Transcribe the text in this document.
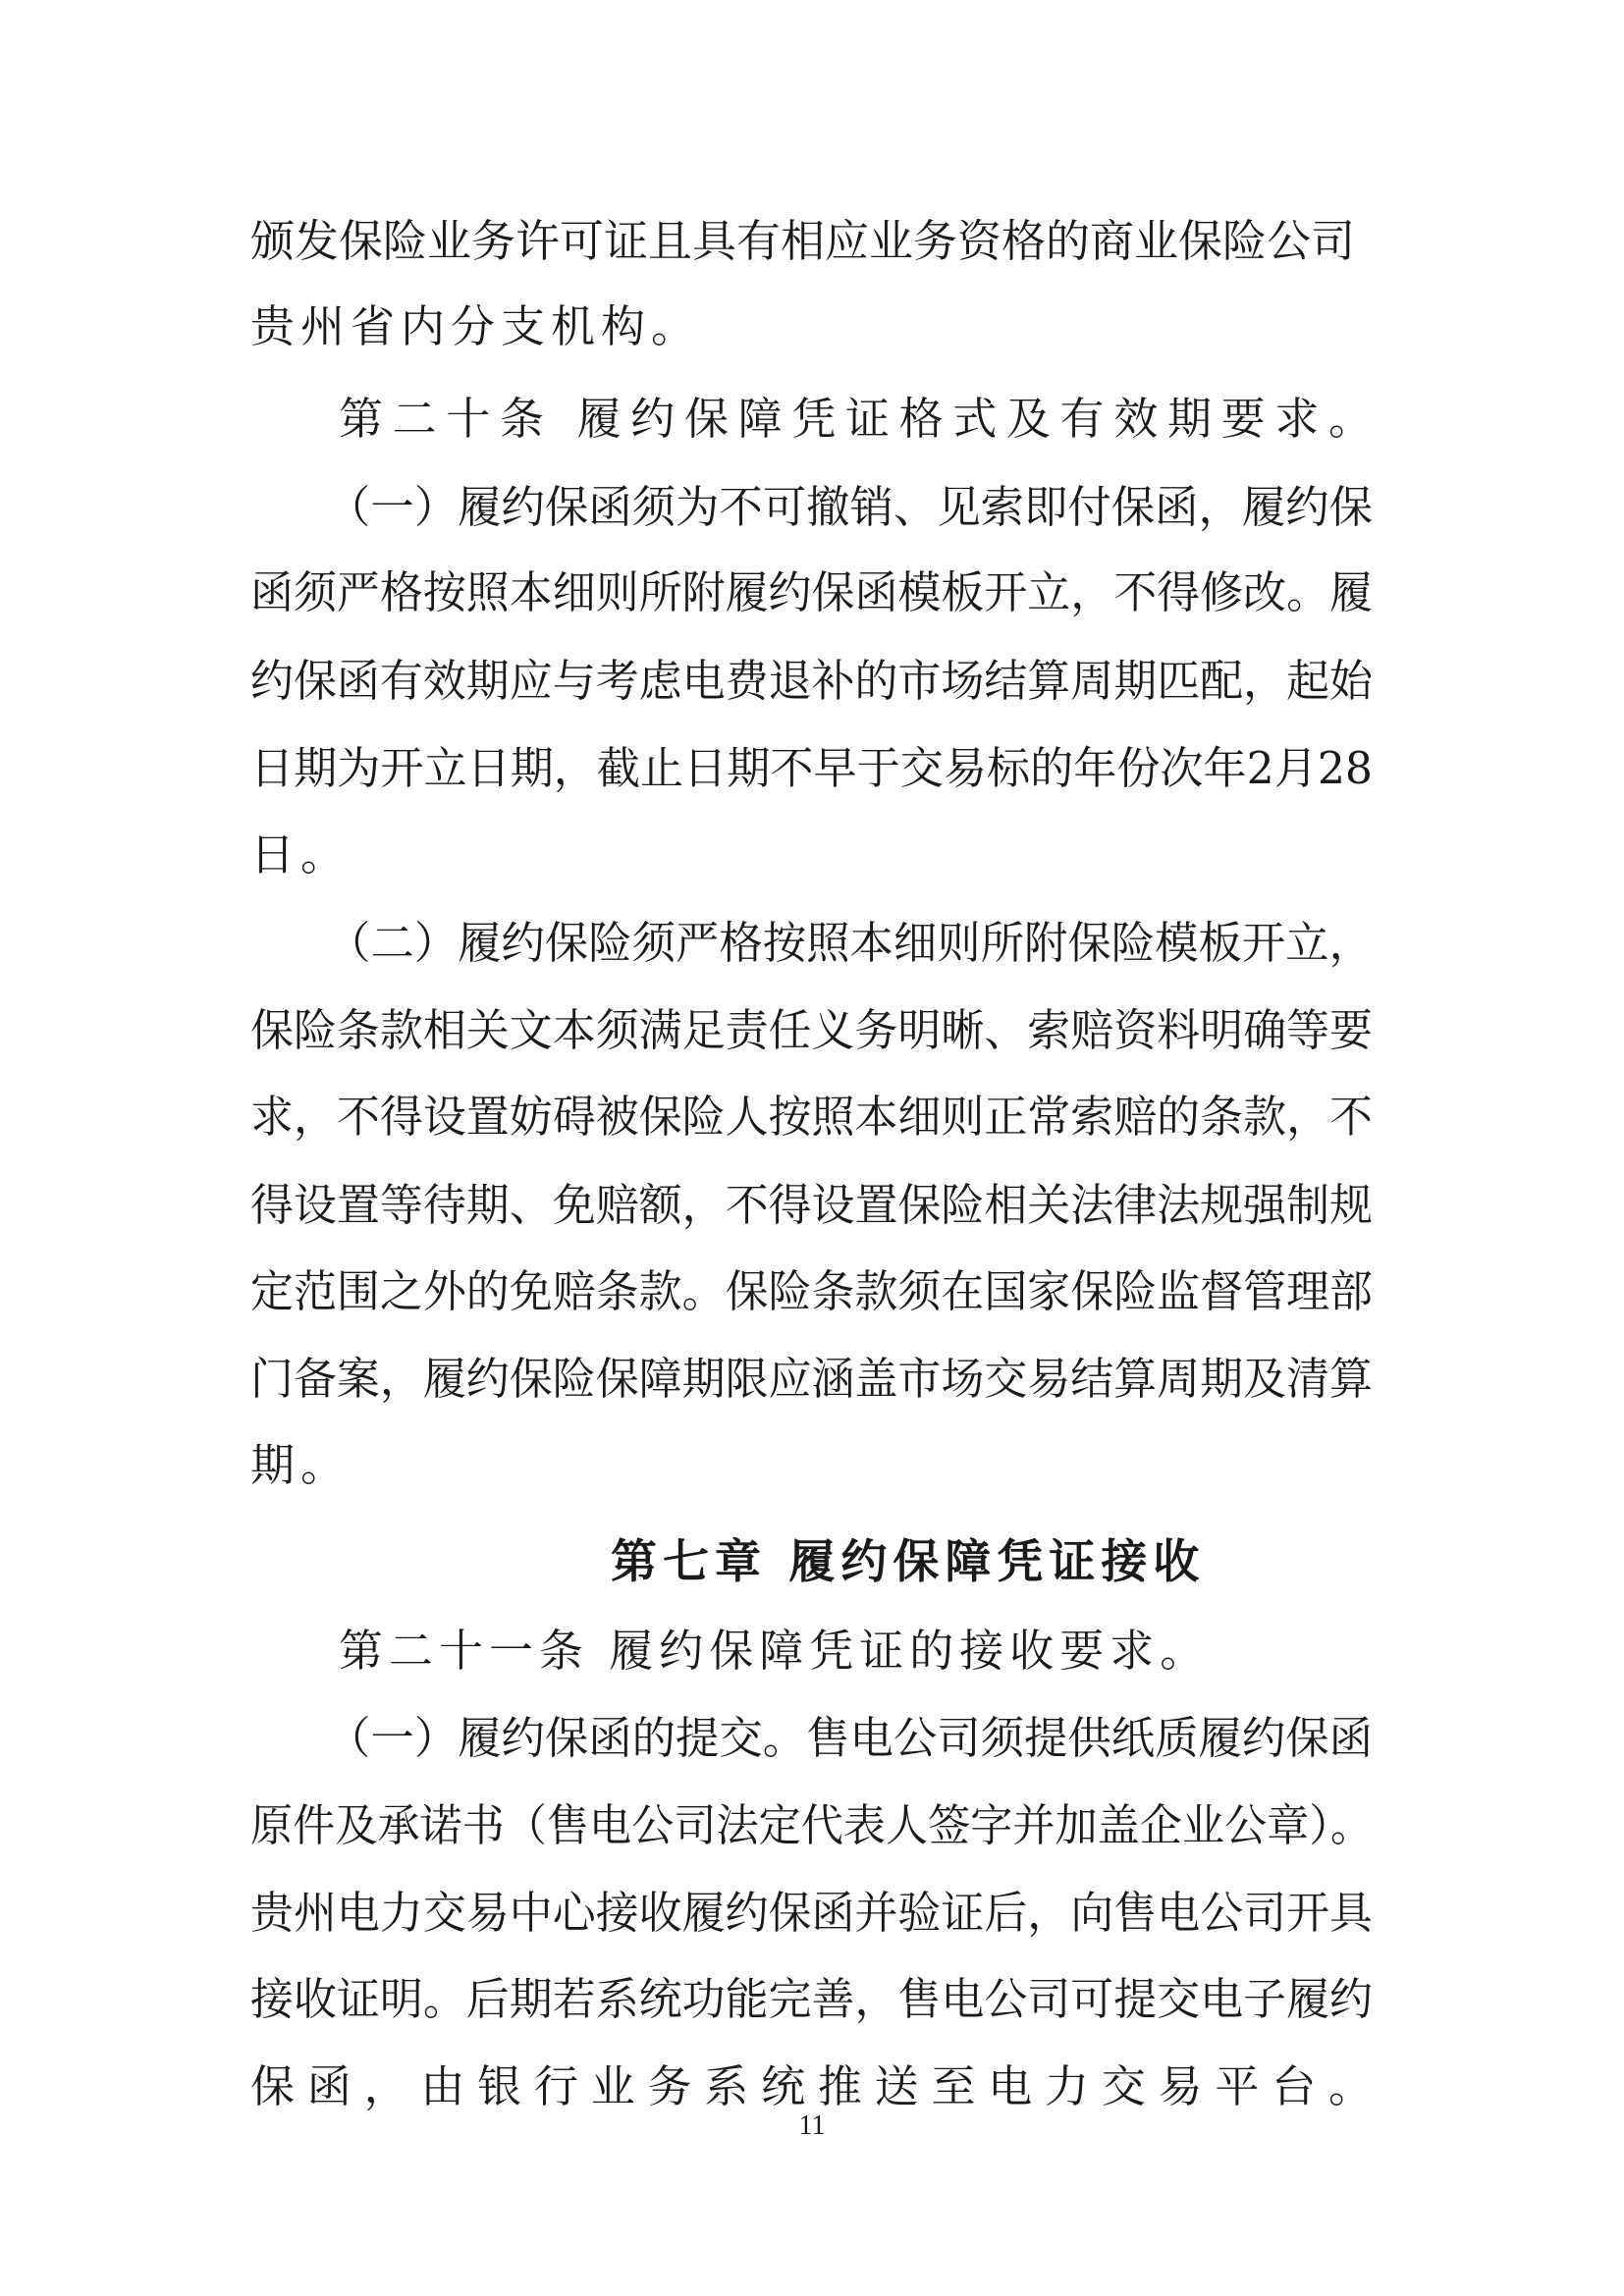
颁发保险业务许可证且具有相应业务资格的商业保险公司
贵州省内分支机构。
第二十条 履约保障凭证格式及有效期要求。
（一）履约保函须为不可撤销、见索即付保函，履约保
函须严格按照本细则所附履约保函模板开立，不得修改。履
约保函有效期应与考虑电费退补的市场结算周期匹配，起始
日期为开立日期，截止日期不早于交易标的年份次年2月28
日。
（二）履约保险须严格按照本细则所附保险模板开立，
保险条款相关文本须满足责任义务明晰、索赔资料明确等要
求，不得设置妨碍被保险人按照本细则正常索赔的条款，不
得设置等待期、免赔额，不得设置保险相关法律法规强制规
定范围之外的免赔条款。保险条款须在国家保险监督管理部
门备案，履约保险保障期限应涵盖市场交易结算周期及清算
期。
第七章 履约保障凭证接收
第二十一条 履约保障凭证的接收要求。
（一）履约保函的提交。售电公司须提供纸质履约保函
原件及承诺书（售电公司法定代表人签字并加盖企业公章）。
贵州电力交易中心接收履约保函并验证后，向售电公司开具
接收证明。后期若系统功能完善，售电公司可提交电子履约
保函，由银行业务系统推送至电力交易平台。
11
